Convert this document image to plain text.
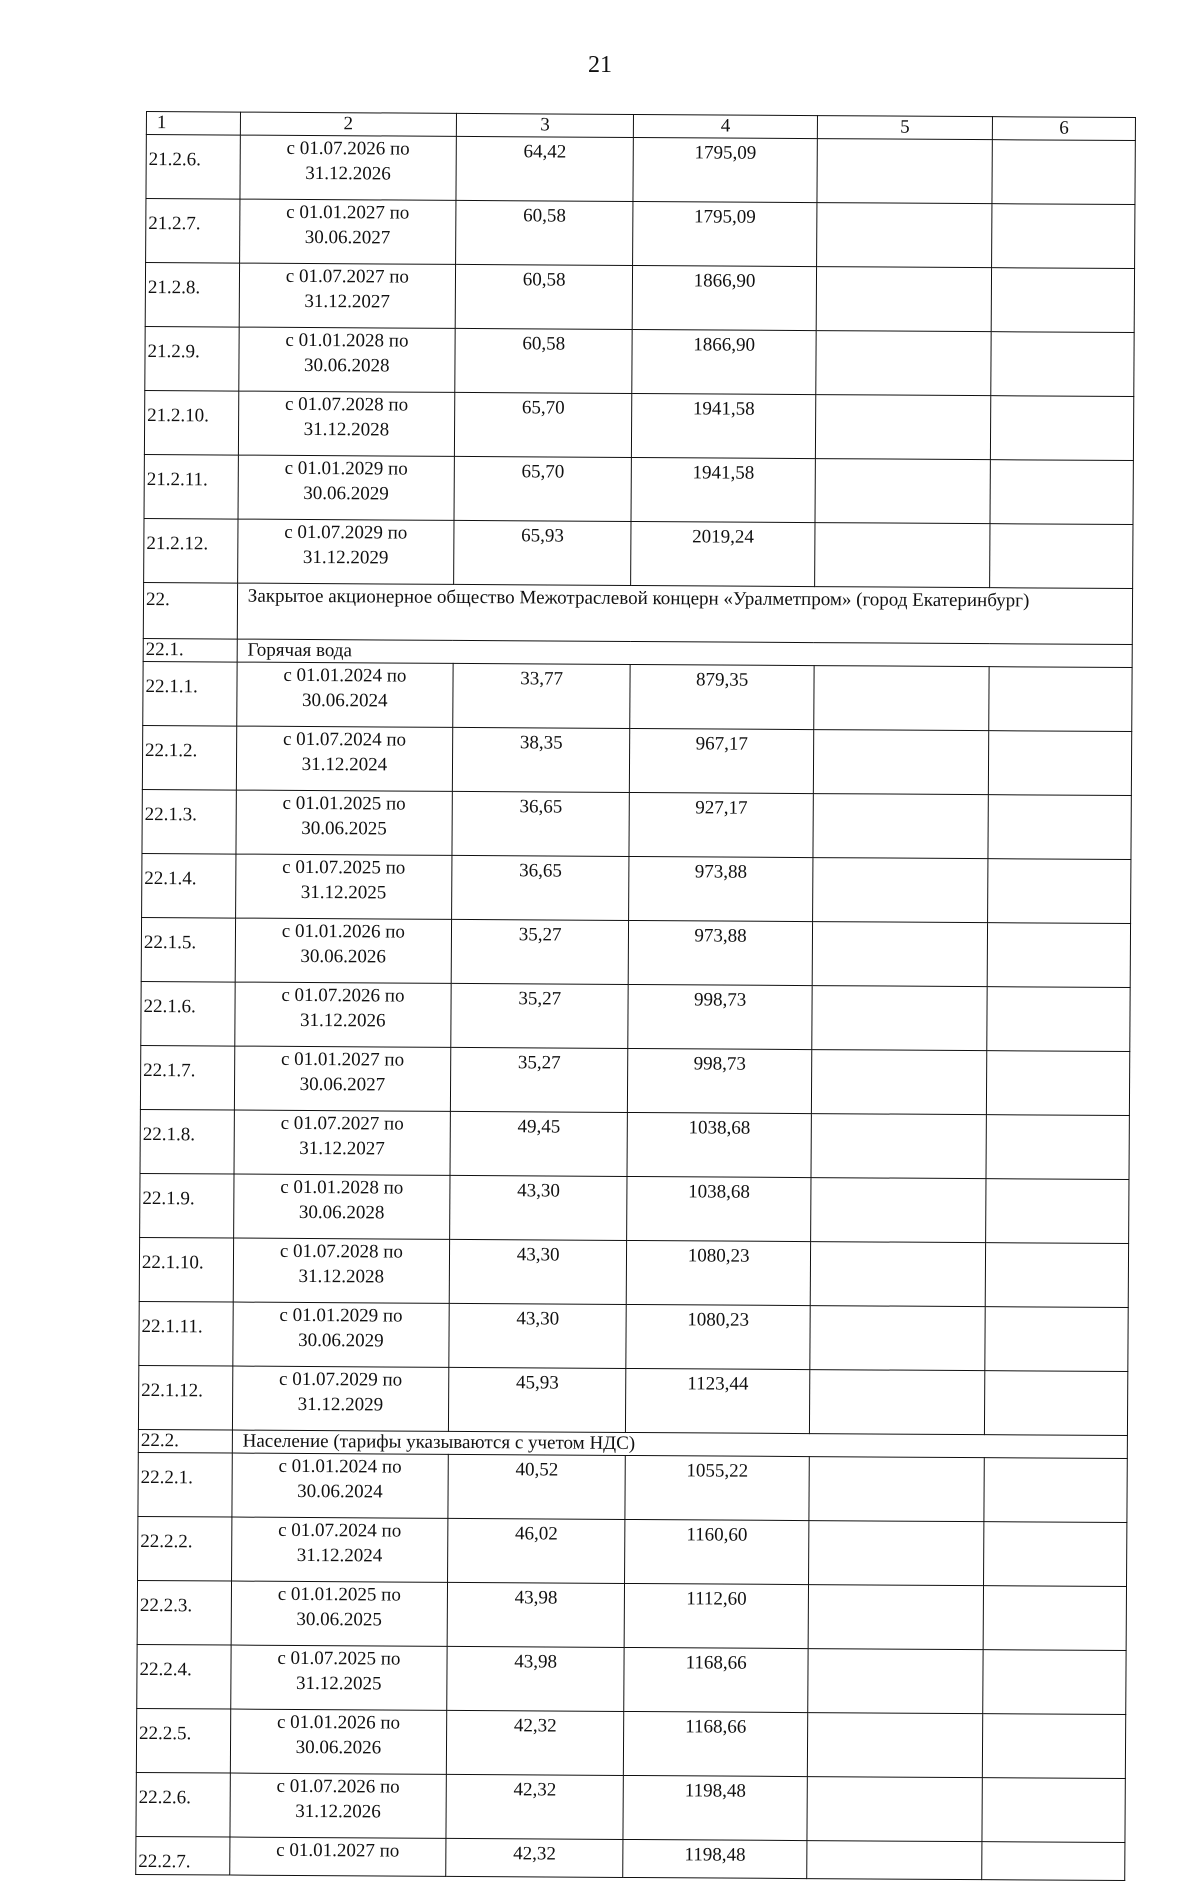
21
1	2	3	4	5	6
21.2.6.	с 01.07.2026 по 31.12.2026	64,42	1795,09		
21.2.7.	с 01.01.2027 по 30.06.2027	60,58	1795,09		
21.2.8.	с 01.07.2027 по 31.12.2027	60,58	1866,90		
21.2.9.	с 01.01.2028 по 30.06.2028	60,58	1866,90		
21.2.10.	с 01.07.2028 по 31.12.2028	65,70	1941,58		
21.2.11.	с 01.01.2029 по 30.06.2029	65,70	1941,58		
21.2.12.	с 01.07.2029 по 31.12.2029	65,93	2019,24		
22.	Закрытое акционерное общество Межотраслевой концерн «Уралметпром» (город Екатеринбург)				
22.1.	Горячая вода				
22.1.1.	с 01.01.2024 по 30.06.2024	33,77	879,35		
22.1.2.	с 01.07.2024 по 31.12.2024	38,35	967,17		
22.1.3.	с 01.01.2025 по 30.06.2025	36,65	927,17		
22.1.4.	с 01.07.2025 по 31.12.2025	36,65	973,88		
22.1.5.	с 01.01.2026 по 30.06.2026	35,27	973,88		
22.1.6.	с 01.07.2026 по 31.12.2026	35,27	998,73		
22.1.7.	с 01.01.2027 по 30.06.2027	35,27	998,73		
22.1.8.	с 01.07.2027 по 31.12.2027	49,45	1038,68		
22.1.9.	с 01.01.2028 по 30.06.2028	43,30	1038,68		
22.1.10.	с 01.07.2028 по 31.12.2028	43,30	1080,23		
22.1.11.	с 01.01.2029 по 30.06.2029	43,30	1080,23		
22.1.12.	с 01.07.2029 по 31.12.2029	45,93	1123,44		
22.2.	Население (тарифы указываются с учетом НДС)				
22.2.1.	с 01.01.2024 по 30.06.2024	40,52	1055,22		
22.2.2.	с 01.07.2024 по 31.12.2024	46,02	1160,60		
22.2.3.	с 01.01.2025 по 30.06.2025	43,98	1112,60		
22.2.4.	с 01.07.2025 по 31.12.2025	43,98	1168,66		
22.2.5.	с 01.01.2026 по 30.06.2026	42,32	1168,66		
22.2.6.	с 01.07.2026 по 31.12.2026	42,32	1198,48		
22.2.7.	с 01.01.2027 по	42,32	1198,48		
